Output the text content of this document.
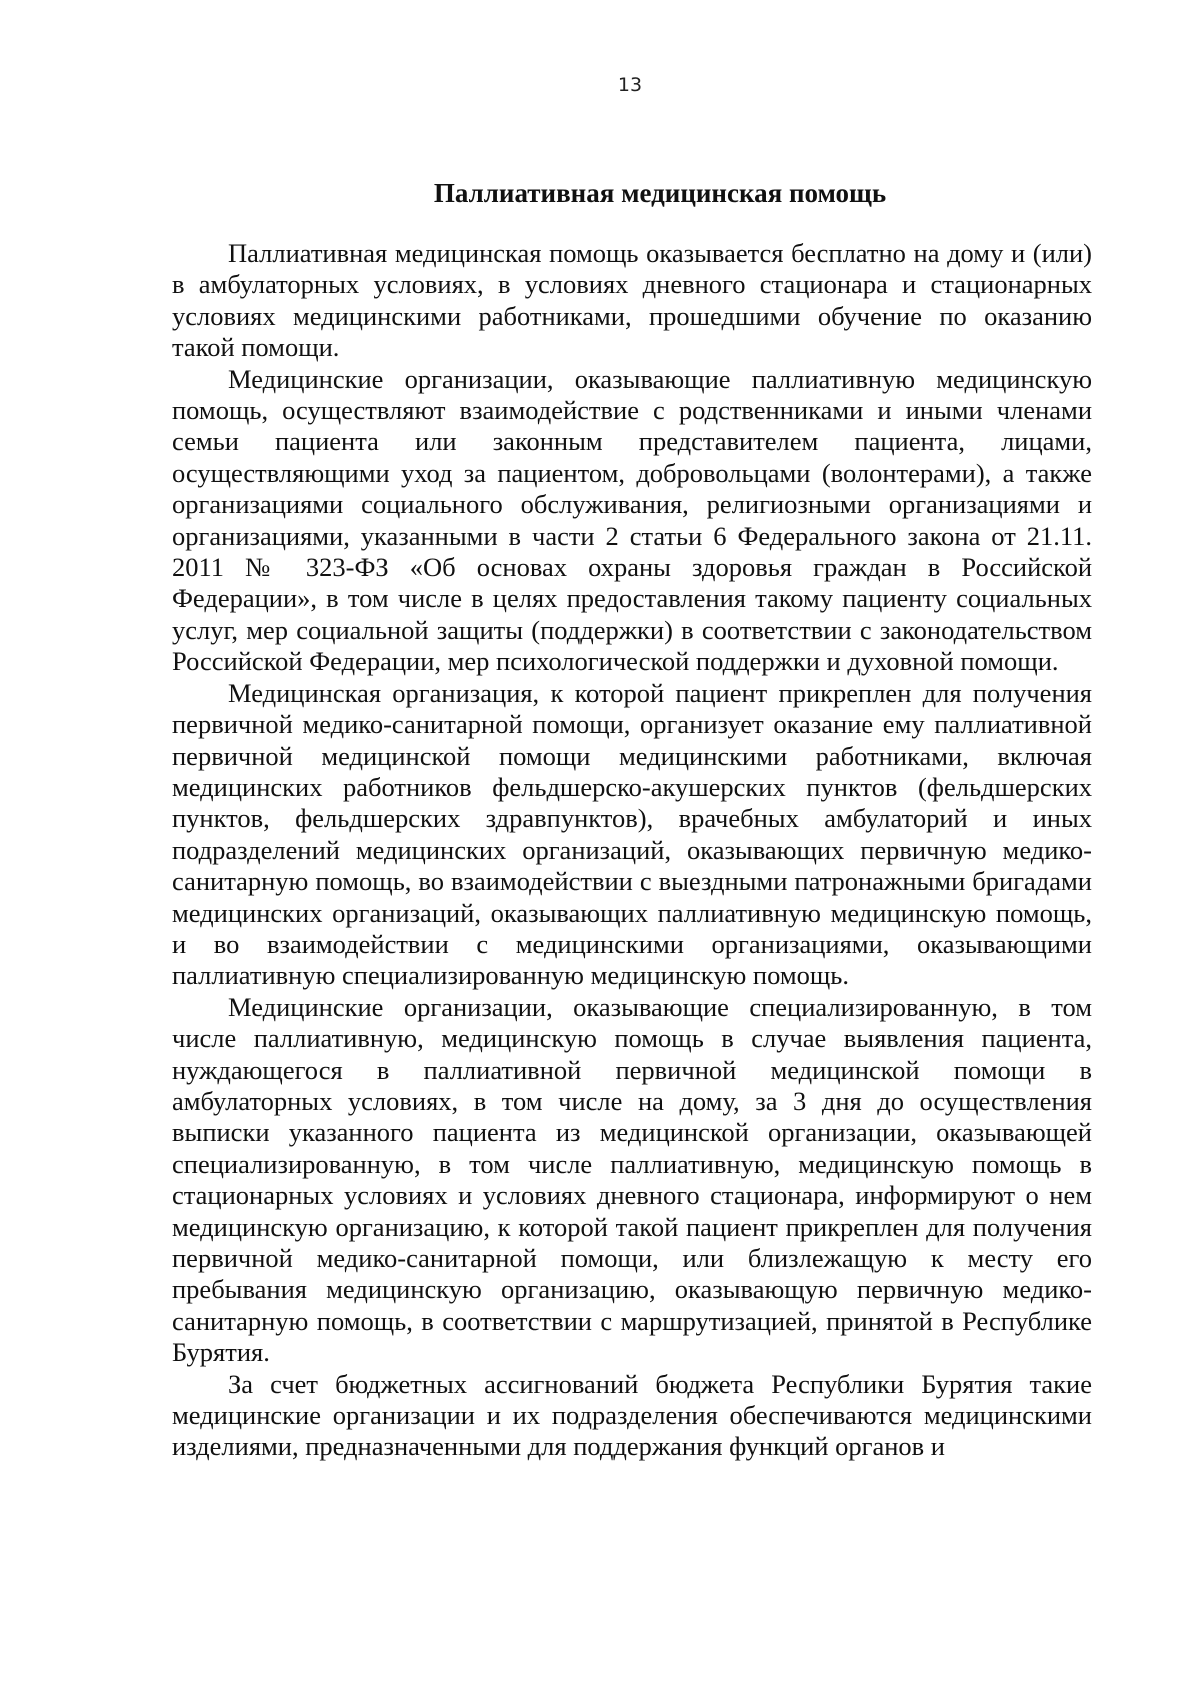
13
Паллиативная медицинская помощь

Паллиативная медицинская помощь оказывается бесплатно на дому и (или) в амбулаторных условиях, в условиях дневного стационара и стационарных условиях медицинскими работниками, прошедшими обучение по оказанию такой помощи.

Медицинские организации, оказывающие паллиативную медицинскую помощь, осуществляют взаимодействие с родственниками и иными членами семьи пациента или законным представителем пациента, лицами, осуществляющими уход за пациентом, добровольцами (волонтерами), а также организациями социального обслуживания, религиозными организациями и организациями, указанными в части 2 статьи 6 Федерального закона от 21.11. 2011 № 323-ФЗ «Об основах охраны здоровья граждан в Российской Федерации», в том числе в целях предоставления такому пациенту социальных услуг, мер социальной защиты (поддержки) в соответствии с законодательством Российской Федерации, мер психологической поддержки и духовной помощи.

Медицинская организация, к которой пациент прикреплен для получения первичной медико-санитарной помощи, организует оказание ему паллиативной первичной медицинской помощи медицинскими работниками, включая медицинских работников фельдшерско-акушерских пунктов (фельдшерских пунктов, фельдшерских здравпунктов), врачебных амбулаторий и иных подразделений медицинских организаций, оказывающих первичную медико-санитарную помощь, во взаимодействии с выездными патронажными бригадами медицинских организаций, оказывающих паллиативную медицинскую помощь, и во взаимодействии с медицинскими организациями, оказывающими паллиативную специализированную медицинскую помощь.

Медицинские организации, оказывающие специализированную, в том числе паллиативную, медицинскую помощь в случае выявления пациента, нуждающегося в паллиативной первичной медицинской помощи в амбулаторных условиях, в том числе на дому, за 3 дня до осуществления выписки указанного пациента из медицинской организации, оказывающей специализированную, в том числе паллиативную, медицинскую помощь в стационарных условиях и условиях дневного стационара, информируют о нем медицинскую организацию, к которой такой пациент прикреплен для получения первичной медико-санитарной помощи, или близлежащую к месту его пребывания медицинскую организацию, оказывающую первичную медико-санитарную помощь, в соответствии с маршрутизацией, принятой в Республике Бурятия.

За счет бюджетных ассигнований бюджета Республики Бурятия такие медицинские организации и их подразделения обеспечиваются медицинскими изделиями, предназначенными для поддержания функций органов и
